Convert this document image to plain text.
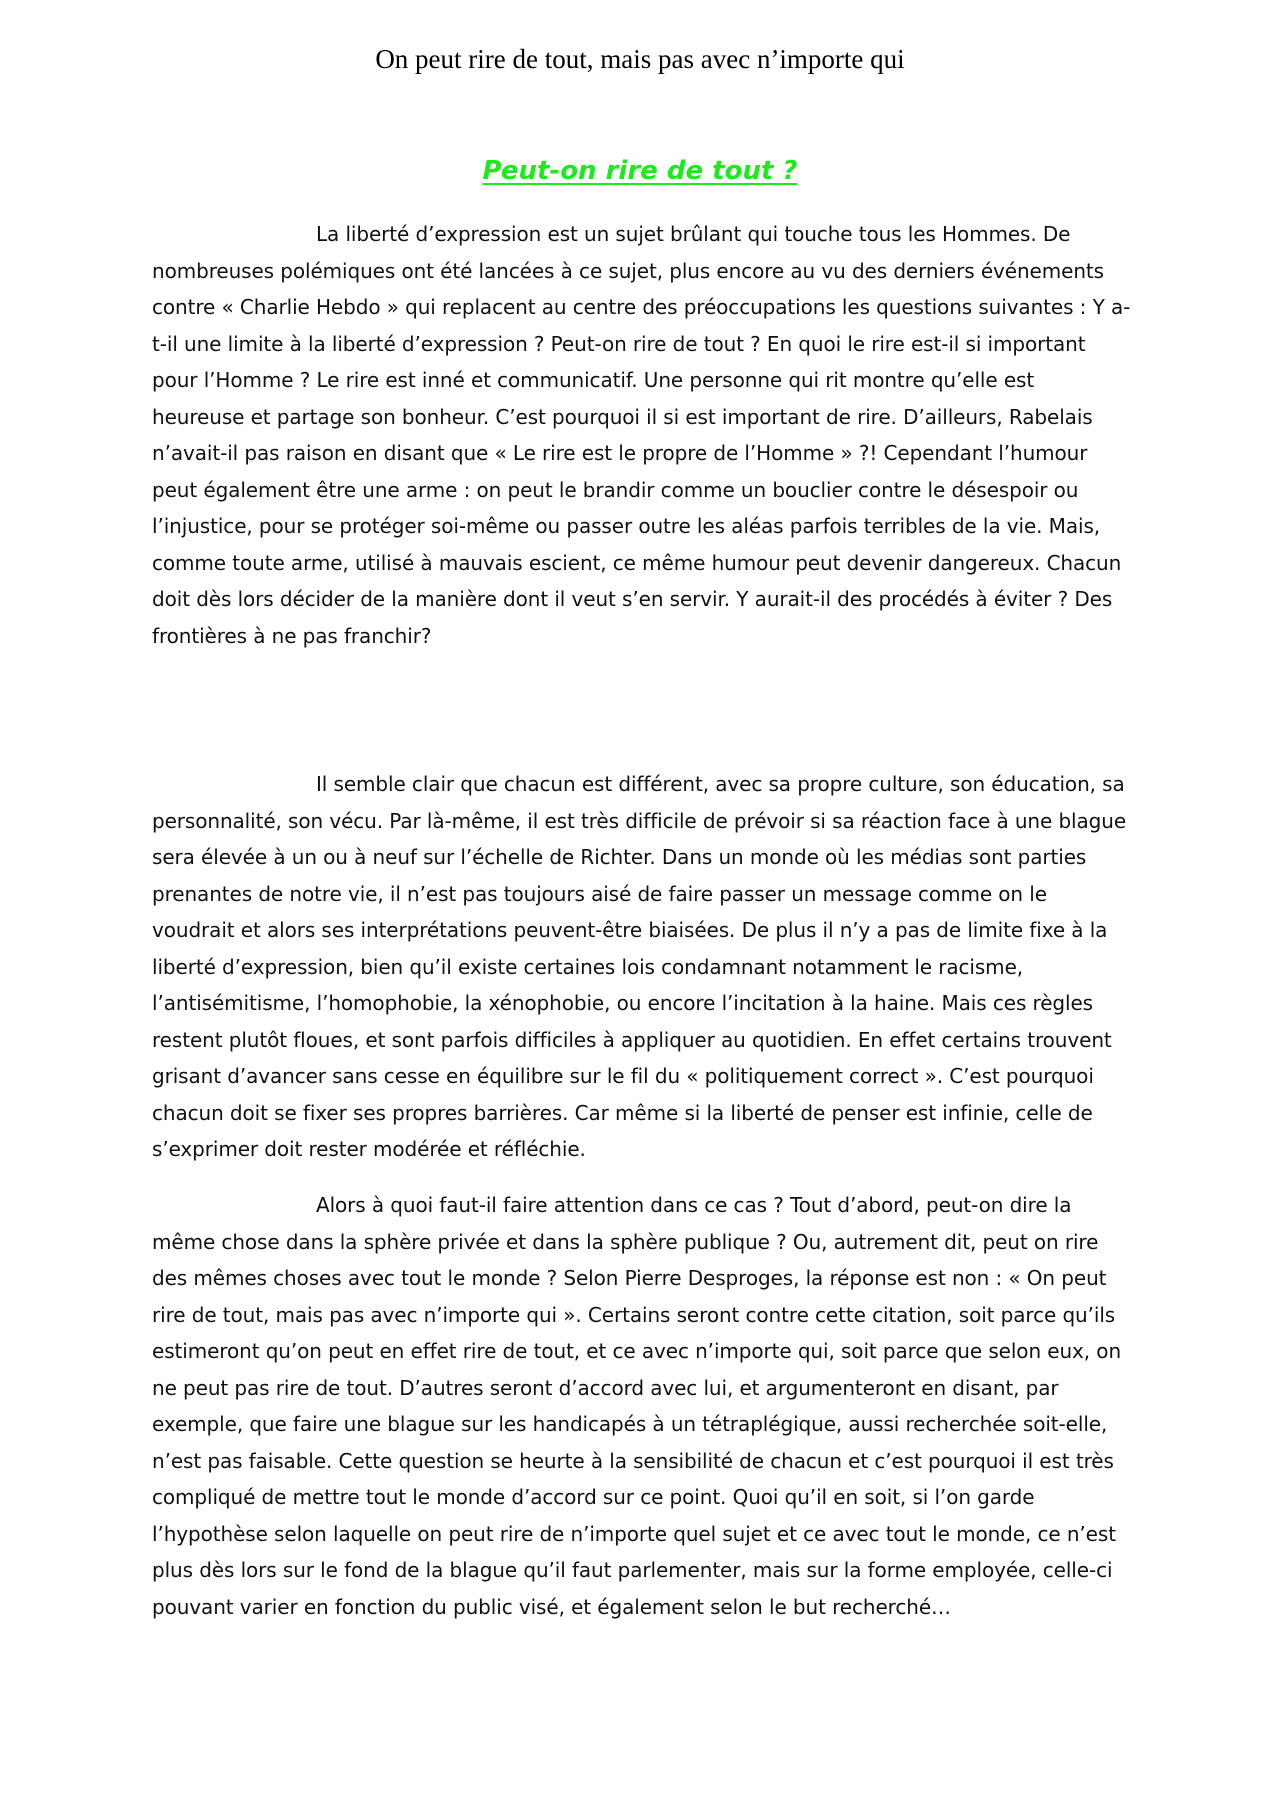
On peut rire de tout, mais pas avec n’importe qui
Peut-on rire de tout ?

La liberté d’expression est un sujet brûlant qui touche tous les Hommes. De nombreuses polémiques ont été lancées à ce sujet, plus encore au vu des derniers événements contre « Charlie Hebdo » qui replacent au centre des préoccupations les questions suivantes : Y a-t-il une limite à la liberté d’expression ? Peut-on rire de tout ? En quoi le rire est-il si important pour l’Homme ? Le rire est inné et communicatif. Une personne qui rit montre qu’elle est heureuse et partage son bonheur. C’est pourquoi il si est important de rire. D’ailleurs, Rabelais n’avait-il pas raison en disant que « Le rire est le propre de l’Homme » ?! Cependant l’humour peut également être une arme : on peut le brandir comme un bouclier contre le désespoir ou l’injustice, pour se protéger soi-même ou passer outre les aléas parfois terribles de la vie. Mais, comme toute arme, utilisé à mauvais escient, ce même humour peut devenir dangereux. Chacun doit dès lors décider de la manière dont il veut s’en servir. Y aurait-il des procédés à éviter ? Des frontières à ne pas franchir?

Il semble clair que chacun est différent, avec sa propre culture, son éducation, sa personnalité, son vécu. Par là-même, il est très difficile de prévoir si sa réaction face à une blague sera élevée à un ou à neuf sur l’échelle de Richter. Dans un monde où les médias sont parties prenantes de notre vie, il n’est pas toujours aisé de faire passer un message comme on le voudrait et alors ses interprétations peuvent-être biaisées. De plus il n’y a pas de limite fixe à la liberté d’expression, bien qu’il existe certaines lois condamnant notamment le racisme, l’antisémitisme, l’homophobie, la xénophobie, ou encore l’incitation à la haine. Mais ces règles restent plutôt floues, et sont parfois difficiles à appliquer au quotidien. En effet certains trouvent grisant d’avancer sans cesse en équilibre sur le fil du « politiquement correct ». C’est pourquoi chacun doit se fixer ses propres barrières. Car même si la liberté de penser est infinie, celle de s’exprimer doit rester modérée et réfléchie.

Alors à quoi faut-il faire attention dans ce cas ? Tout d’abord, peut-on dire la même chose dans la sphère privée et dans la sphère publique ? Ou, autrement dit, peut on rire des mêmes choses avec tout le monde ? Selon Pierre Desproges, la réponse est non : « On peut rire de tout, mais pas avec n’importe qui ». Certains seront contre cette citation, soit parce qu’ils estimeront qu’on peut en effet rire de tout, et ce avec n’importe qui, soit parce que selon eux, on ne peut pas rire de tout. D’autres seront d’accord avec lui, et argumenteront en disant, par exemple, que faire une blague sur les handicapés à un tétraplégique, aussi recherchée soit-elle, n’est pas faisable. Cette question se heurte à la sensibilité de chacun et c’est pourquoi il est très compliqué de mettre tout le monde d’accord sur ce point. Quoi qu’il en soit, si l’on garde l’hypothèse selon laquelle on peut rire de n’importe quel sujet et ce avec tout le monde, ce n’est plus dès lors sur le fond de la blague qu’il faut parlementer, mais sur la forme employée, celle-ci pouvant varier en fonction du public visé, et également selon le but recherché…
